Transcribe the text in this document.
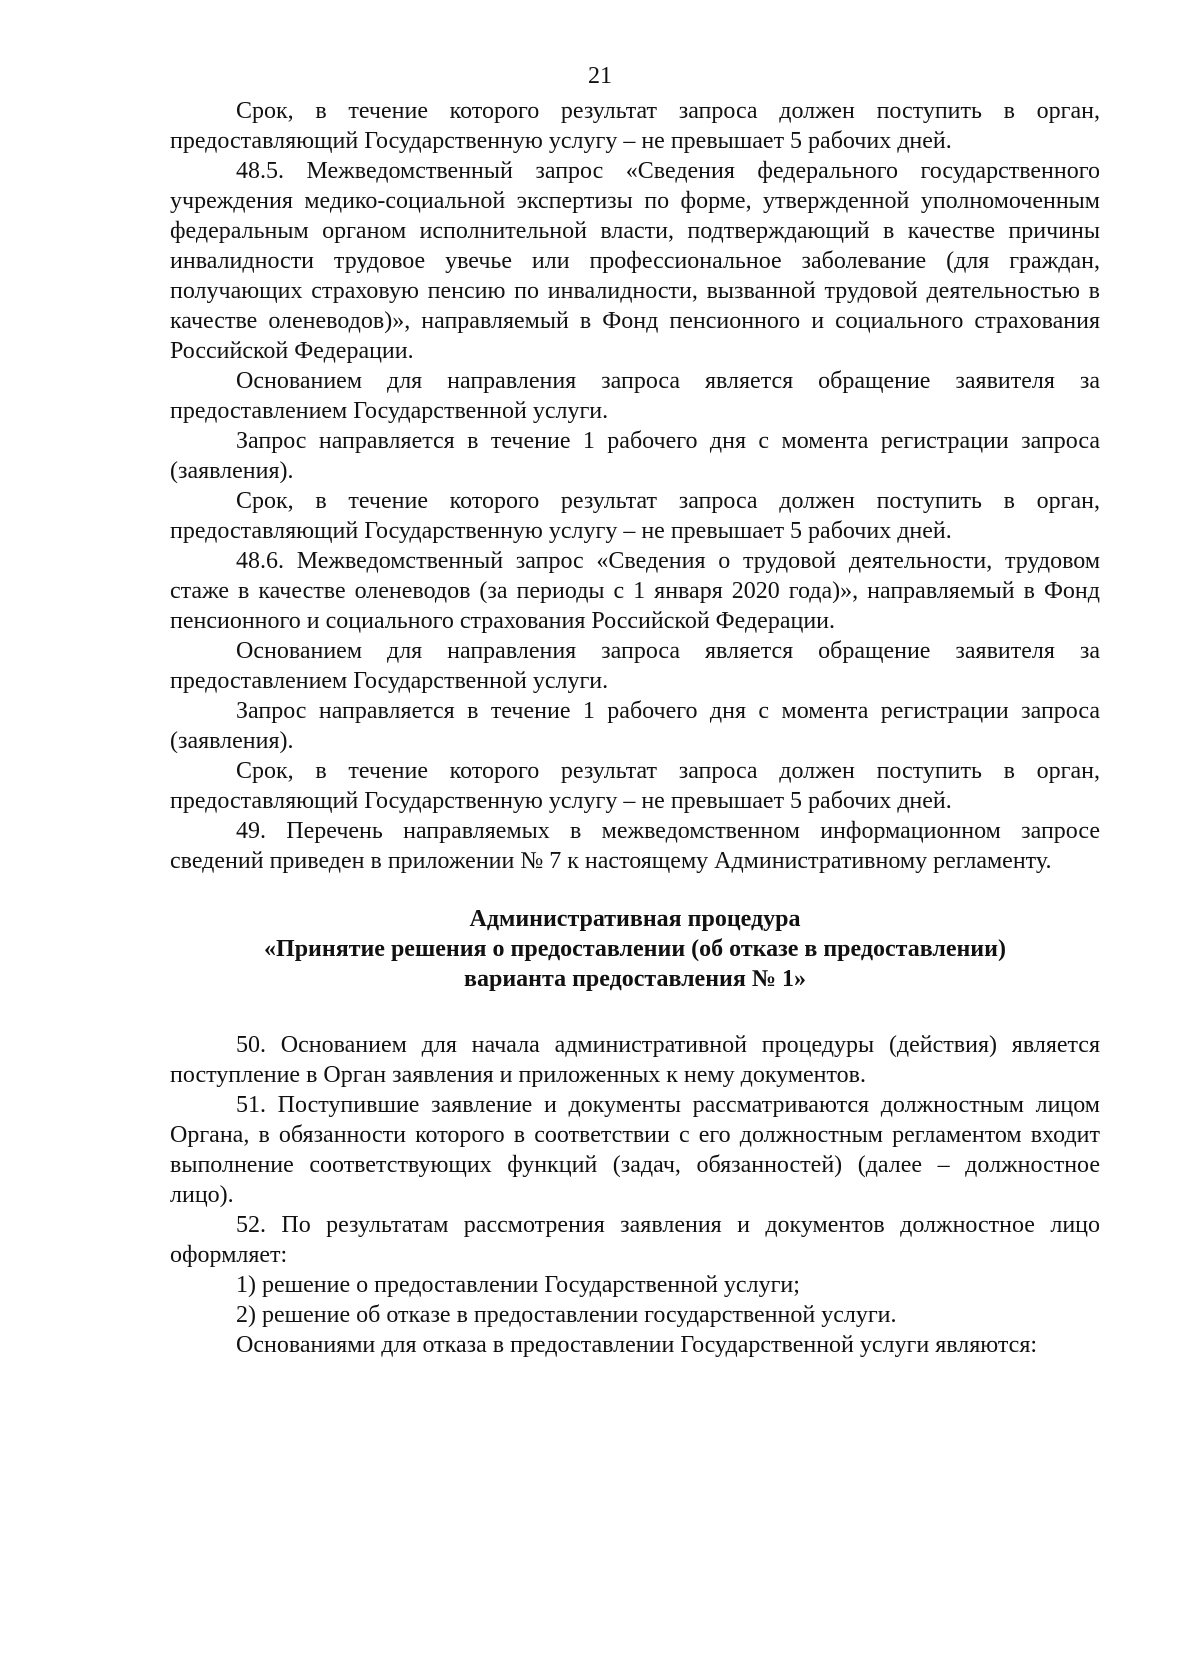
21

Срок, в течение которого результат запроса должен поступить в орган, предоставляющий Государственную услугу – не превышает 5 рабочих дней.

48.5. Межведомственный запрос «Сведения федерального государственного учреждения медико-социальной экспертизы по форме, утвержденной уполномоченным федеральным органом исполнительной власти, подтверждающий в качестве причины инвалидности трудовое увечье или профессиональное заболевание (для граждан, получающих страховую пенсию по инвалидности, вызванной трудовой деятельностью в качестве оленеводов)», направляемый в Фонд пенсионного и социального страхования Российской Федерации.

Основанием для направления запроса является обращение заявителя за предоставлением Государственной услуги.

Запрос направляется в течение 1 рабочего дня с момента регистрации запроса (заявления).

Срок, в течение которого результат запроса должен поступить в орган, предоставляющий Государственную услугу – не превышает 5 рабочих дней.

48.6. Межведомственный запрос «Сведения о трудовой деятельности, трудовом стаже в качестве оленеводов (за периоды с 1 января 2020 года)», направляемый в Фонд пенсионного и социального страхования Российской Федерации.

Основанием для направления запроса является обращение заявителя за предоставлением Государственной услуги.

Запрос направляется в течение 1 рабочего дня с момента регистрации запроса (заявления).

Срок, в течение которого результат запроса должен поступить в орган, предоставляющий Государственную услугу – не превышает 5 рабочих дней.

49. Перечень направляемых в межведомственном информационном запросе сведений приведен в приложении № 7 к настоящему Административному регламенту.

Административная процедура
«Принятие решения о предоставлении (об отказе в предоставлении)
варианта предоставления № 1»

50. Основанием для начала административной процедуры (действия) является поступление в Орган заявления и приложенных к нему документов.

51. Поступившие заявление и документы рассматриваются должностным лицом Органа, в обязанности которого в соответствии с его должностным регламентом входит выполнение соответствующих функций (задач, обязанностей) (далее – должностное лицо).

52. По результатам рассмотрения заявления и документов должностное лицо оформляет:

1) решение о предоставлении Государственной услуги;

2) решение об отказе в предоставлении государственной услуги.

Основаниями для отказа в предоставлении Государственной услуги являются:
